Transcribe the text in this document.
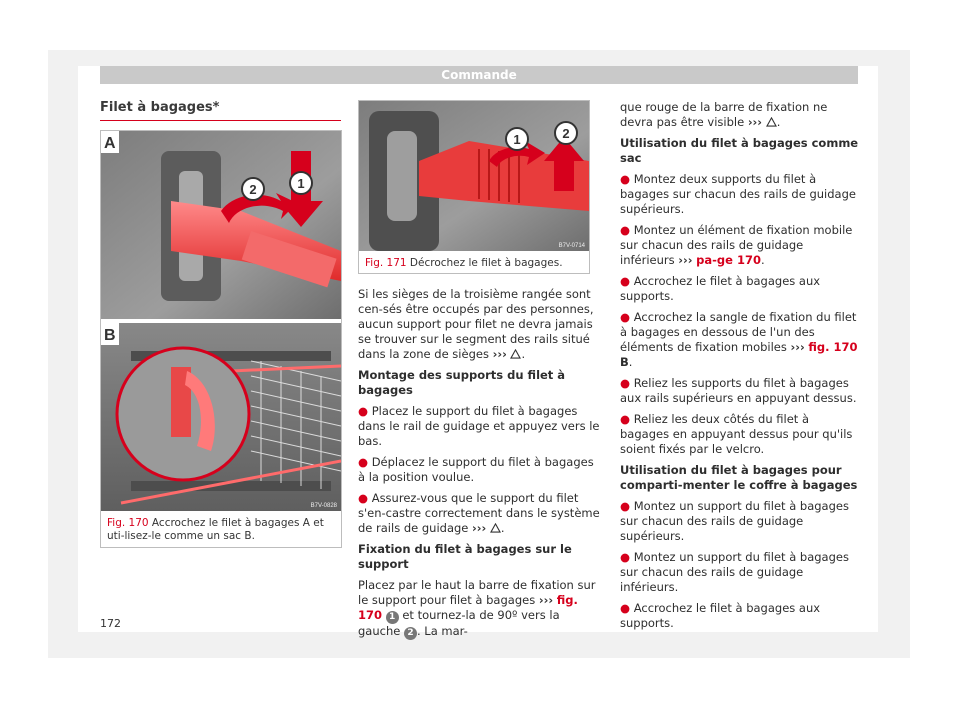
Commande
Filet à bagages*
2	1
A
B
B7V-0828
Fig. 170 Accrochez le filet à bagages A et uti-lisez-le comme un sac B.
1	2
B7V-0714
Fig. 171 Décrochez le filet à bagages.

Si les sièges de la troisième rangée sont cen-sés être occupés par des personnes, aucun support pour filet ne devra jamais se trouver sur le segment des rails situé dans la zone de sièges ››› .

Montage des supports du filet à bagages

● Placez le support du filet à bagages dans le rail de guidage et appuyez vers le bas.

● Déplacez le support du filet à bagages à la position voulue.

● Assurez-vous que le support du filet s'en-castre correctement dans le système de rails de guidage ››› .

Fixation du filet à bagages sur le support

Placez par le haut la barre de fixation sur le support pour filet à bagages ››› fig. 170 1 et tournez-la de 90º vers la gauche 2 . La mar-

que rouge de la barre de fixation ne devra pas être visible ››› .

Utilisation du filet à bagages comme sac

● Montez deux supports du filet à bagages sur chacun des rails de guidage supérieurs.

● Montez un élément de fixation mobile sur chacun des rails de guidage inférieurs ››› pa-ge 170.

● Accrochez le filet à bagages aux supports.

● Accrochez la sangle de fixation du filet à bagages en dessous de l'un des éléments de fixation mobiles ››› fig. 170 B.

● Reliez les supports du filet à bagages aux rails supérieurs en appuyant dessus.

● Reliez les deux côtés du filet à bagages en appuyant dessus pour qu'ils soient fixés par le velcro.

Utilisation du filet à bagages pour comparti-menter le coffre à bagages

● Montez un support du filet à bagages sur chacun des rails de guidage supérieurs.

● Montez un support du filet à bagages sur chacun des rails de guidage inférieurs.

● Accrochez le filet à bagages aux supports.

172
